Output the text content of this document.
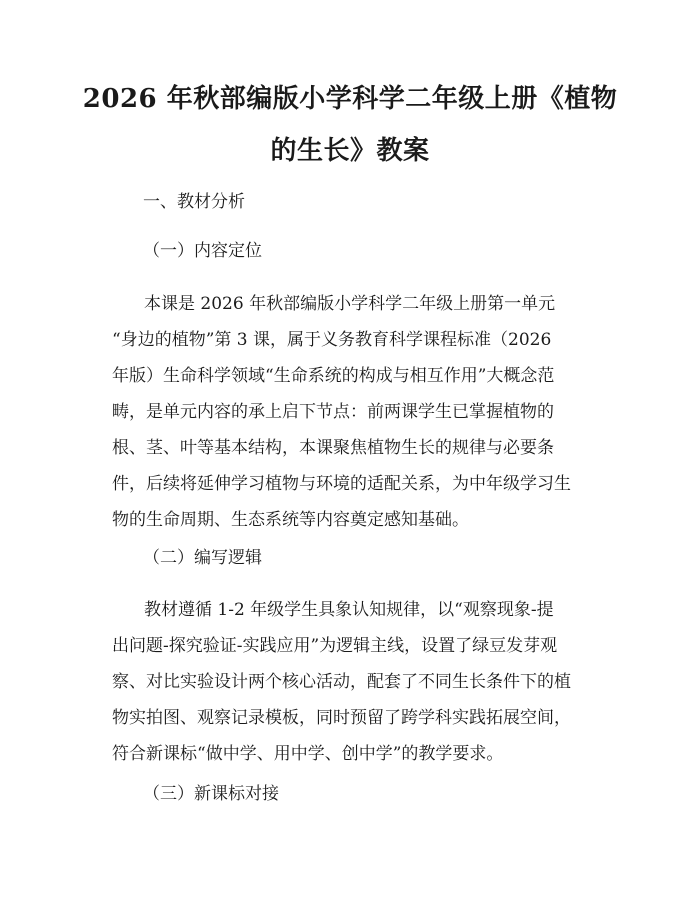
2026 年秋部编版小学科学二年级上册《植物
的生长》教案

一、教材分析

（一）内容定位

本课是 2026 年秋部编版小学科学二年级上册第一单元
“身边的植物”第 3 课，属于义务教育科学课程标准（2026
年版）生命科学领域“生命系统的构成与相互作用”大概念范
畴，是单元内容的承上启下节点：前两课学生已掌握植物的
根、茎、叶等基本结构，本课聚焦植物生长的规律与必要条
件，后续将延伸学习植物与环境的适配关系，为中年级学习生
物的生命周期、生态系统等内容奠定感知基础。

（二）编写逻辑

教材遵循 1-2 年级学生具象认知规律，以“观察现象-提
出问题-探究验证-实践应用”为逻辑主线，设置了绿豆发芽观
察、对比实验设计两个核心活动，配套了不同生长条件下的植
物实拍图、观察记录模板，同时预留了跨学科实践拓展空间，
符合新课标“做中学、用中学、创中学”的教学要求。

（三）新课标对接
